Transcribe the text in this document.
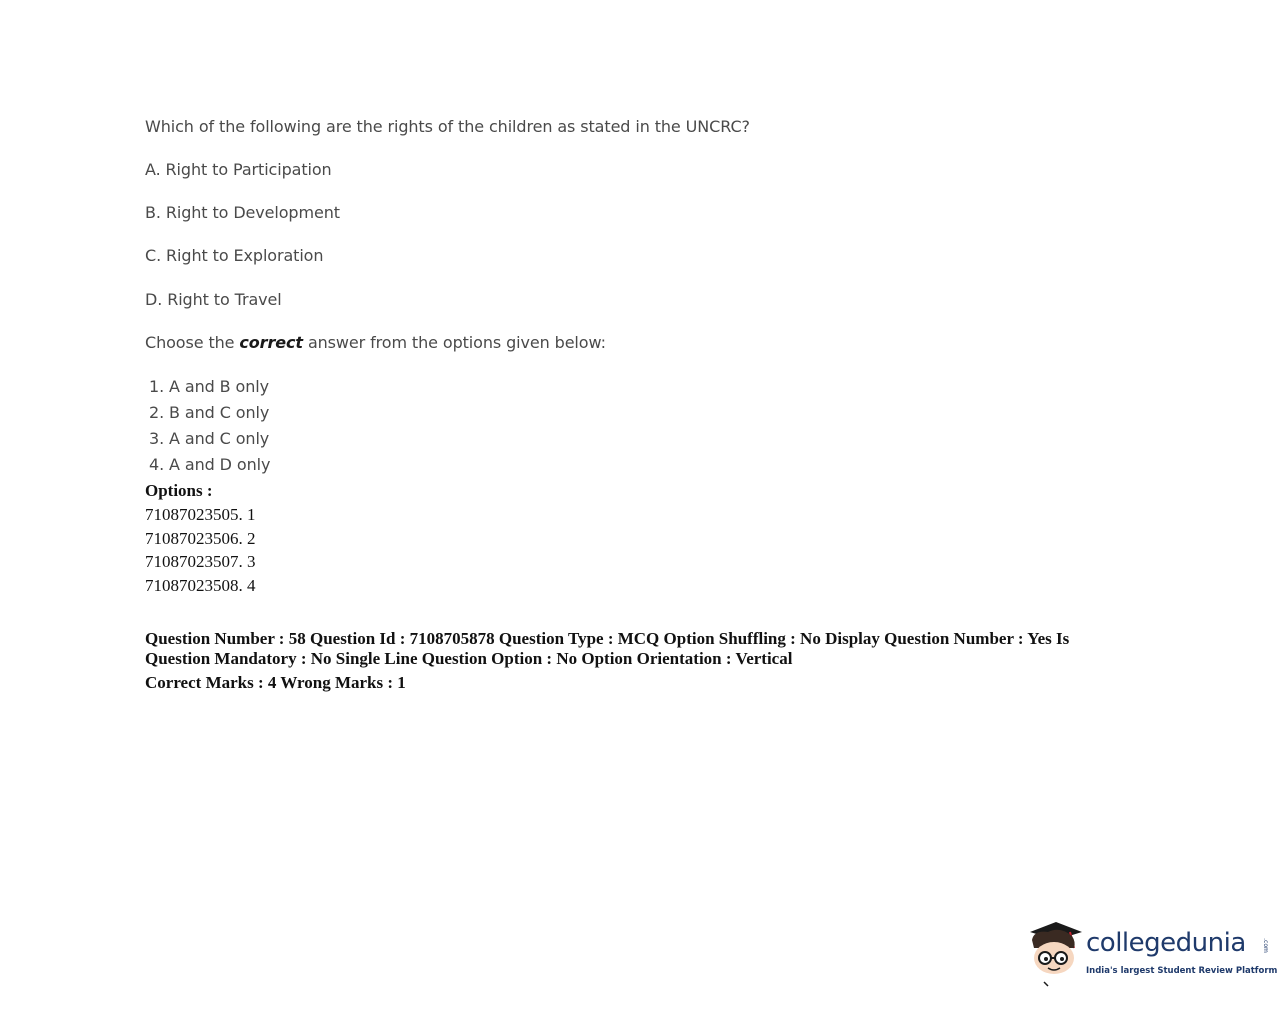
Which of the following are the rights of the children as stated in the UNCRC?
A. Right to Participation
B. Right to Development
C. Right to Exploration
D. Right to Travel
Choose the correct answer from the options given below:
1. A and B only
2. B and C only
3. A and C only
4. A and D only
Options :
71087023505. 1
71087023506. 2
71087023507. 3
71087023508. 4
Question Number : 58 Question Id : 7108705878 Question Type : MCQ Option Shuffling : No Display Question Number : Yes Is Question Mandatory : No Single Line Question Option : No Option Orientation : Vertical
Correct Marks : 4 Wrong Marks : 1
collegedunia	.com
India's largest Student Review Platform
